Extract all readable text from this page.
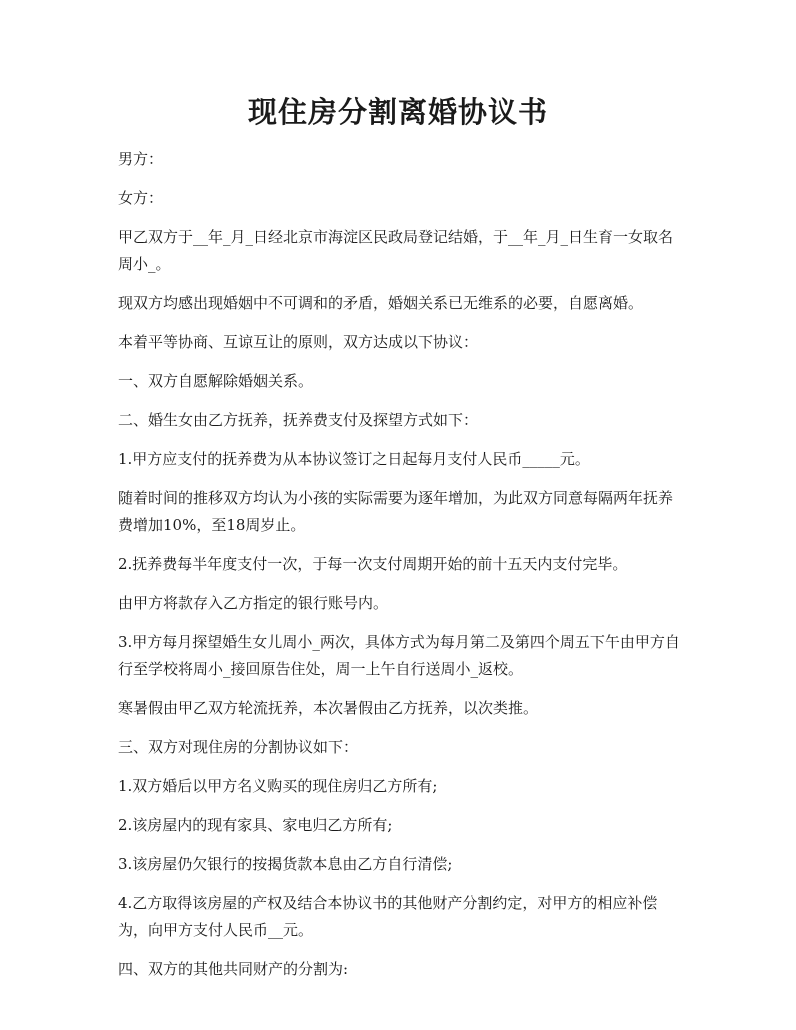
现住房分割离婚协议书

男方：

女方：

甲乙双方于__年_月_日经北京市海淀区民政局登记结婚，于__年_月_日生育一女取名周小_。

现双方均感出现婚姻中不可调和的矛盾，婚姻关系已无维系的必要，自愿离婚。

本着平等协商、互谅互让的原则，双方达成以下协议：

一、双方自愿解除婚姻关系。

二、婚生女由乙方抚养，抚养费支付及探望方式如下：

1.甲方应支付的抚养费为从本协议签订之日起每月支付人民币_____元。

随着时间的推移双方均认为小孩的实际需要为逐年增加，为此双方同意每隔两年抚养费增加10%，至18周岁止。

2.抚养费每半年度支付一次，于每一次支付周期开始的前十五天内支付完毕。

由甲方将款存入乙方指定的银行账号内。

3.甲方每月探望婚生女儿周小_两次，具体方式为每月第二及第四个周五下午由甲方自行至学校将周小_接回原告住处，周一上午自行送周小_返校。

寒暑假由甲乙双方轮流抚养，本次暑假由乙方抚养，以次类推。

三、双方对现住房的分割协议如下：

1.双方婚后以甲方名义购买的现住房归乙方所有;

2.该房屋内的现有家具、家电归乙方所有;

3.该房屋仍欠银行的按揭货款本息由乙方自行清偿;

4.乙方取得该房屋的产权及结合本协议书的其他财产分割约定，对甲方的相应补偿为，向甲方支付人民币__元。

四、双方的其他共同财产的分割为:
